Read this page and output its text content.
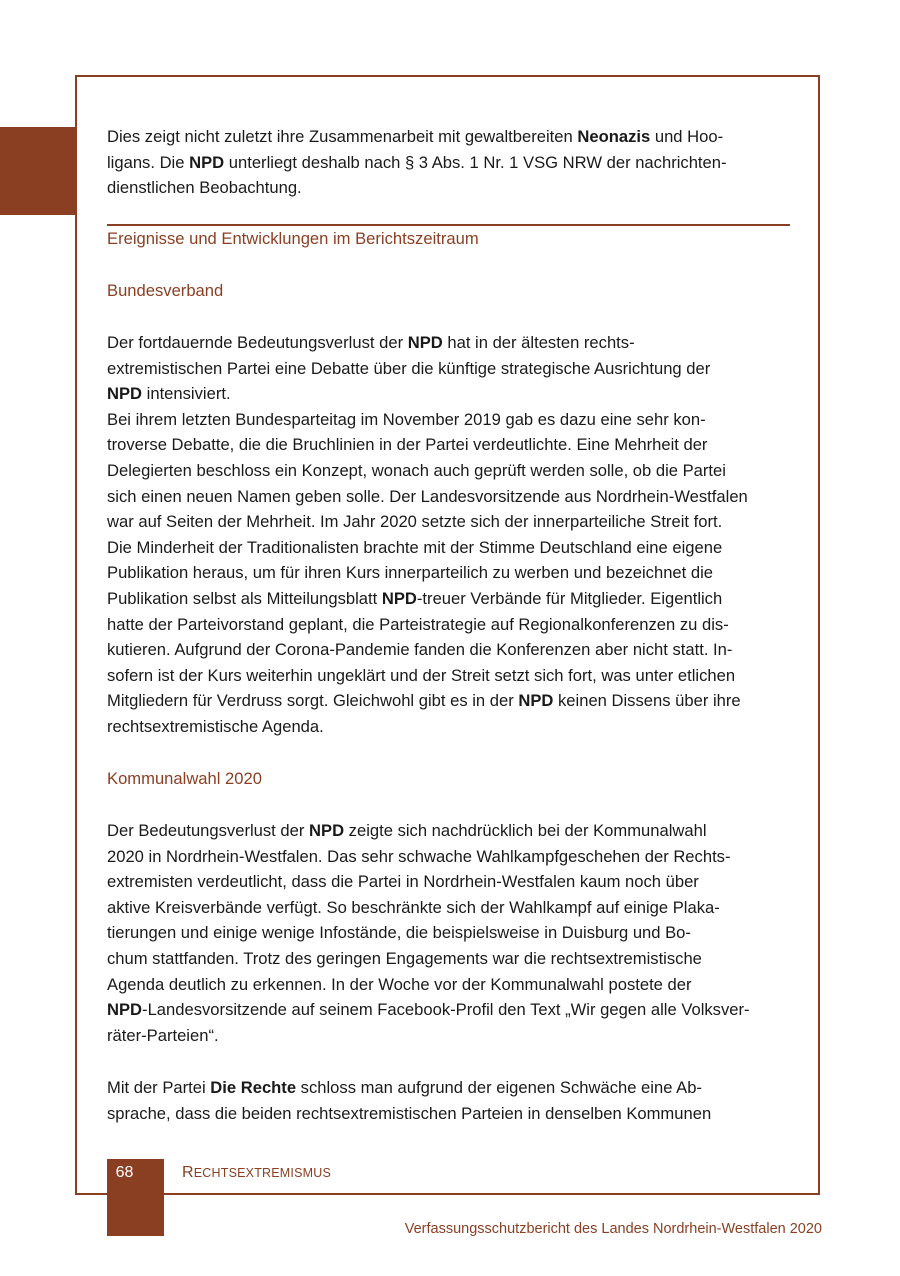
Dies zeigt nicht zuletzt ihre Zusammenarbeit mit gewaltbereiten Neonazis und Hoo-
ligans. Die NPD unterliegt deshalb nach § 3 Abs. 1 Nr. 1 VSG NRW der nachrichten-
dienstlichen Beobachtung.

Ereignisse und Entwicklungen im Berichtszeitraum
Bundesverband

Der fortdauernde Bedeutungsverlust der NPD hat in der ältesten rechts-
extremistischen Partei eine Debatte über die künftige strategische Ausrichtung der
NPD intensiviert.
Bei ihrem letzten Bundesparteitag im November 2019 gab es dazu eine sehr kon-
troverse Debatte, die die Bruchlinien in der Partei verdeutlichte. Eine Mehrheit der
Delegierten beschloss ein Konzept, wonach auch geprüft werden solle, ob die Partei
sich einen neuen Namen geben solle. Der Landesvorsitzende aus Nordrhein-Westfalen
war auf Seiten der Mehrheit. Im Jahr 2020 setzte sich der innerparteiliche Streit fort.
Die Minderheit der Traditionalisten brachte mit der Stimme Deutschland eine eigene
Publikation heraus, um für ihren Kurs innerparteilich zu werben und bezeichnet die
Publikation selbst als Mitteilungsblatt NPD-treuer Verbände für Mitglieder. Eigentlich
hatte der Parteivorstand geplant, die Parteistrategie auf Regionalkonferenzen zu dis-
kutieren. Aufgrund der Corona-Pandemie fanden die Konferenzen aber nicht statt. In-
sofern ist der Kurs weiterhin ungeklärt und der Streit setzt sich fort, was unter etlichen
Mitgliedern für Verdruss sorgt. Gleichwohl gibt es in der NPD keinen Dissens über ihre
rechtsextremistische Agenda.

Kommunalwahl 2020

Der Bedeutungsverlust der NPD zeigte sich nachdrücklich bei der Kommunalwahl
2020 in Nordrhein-Westfalen. Das sehr schwache Wahlkampfgeschehen der Rechts-
extremisten verdeutlicht, dass die Partei in Nordrhein-Westfalen kaum noch über
aktive Kreisverbände verfügt. So beschränkte sich der Wahlkampf auf einige Plaka-
tierungen und einige wenige Infostände, die beispielsweise in Duisburg und Bo-
chum stattfanden. Trotz des geringen Engagements war die rechtsextremistische
Agenda deutlich zu erkennen. In der Woche vor der Kommunalwahl postete der
NPD-Landesvorsitzende auf seinem Facebook-Profil den Text „Wir gegen alle Volksver-
räter-Parteien“.

Mit der Partei Die Rechte schloss man aufgrund der eigenen Schwäche eine Ab-
sprache, dass die beiden rechtsextremistischen Parteien in denselben Kommunen

68	RECHTSEXTREMISMUS
Verfassungsschutzbericht des Landes Nordrhein-Westfalen 2020
